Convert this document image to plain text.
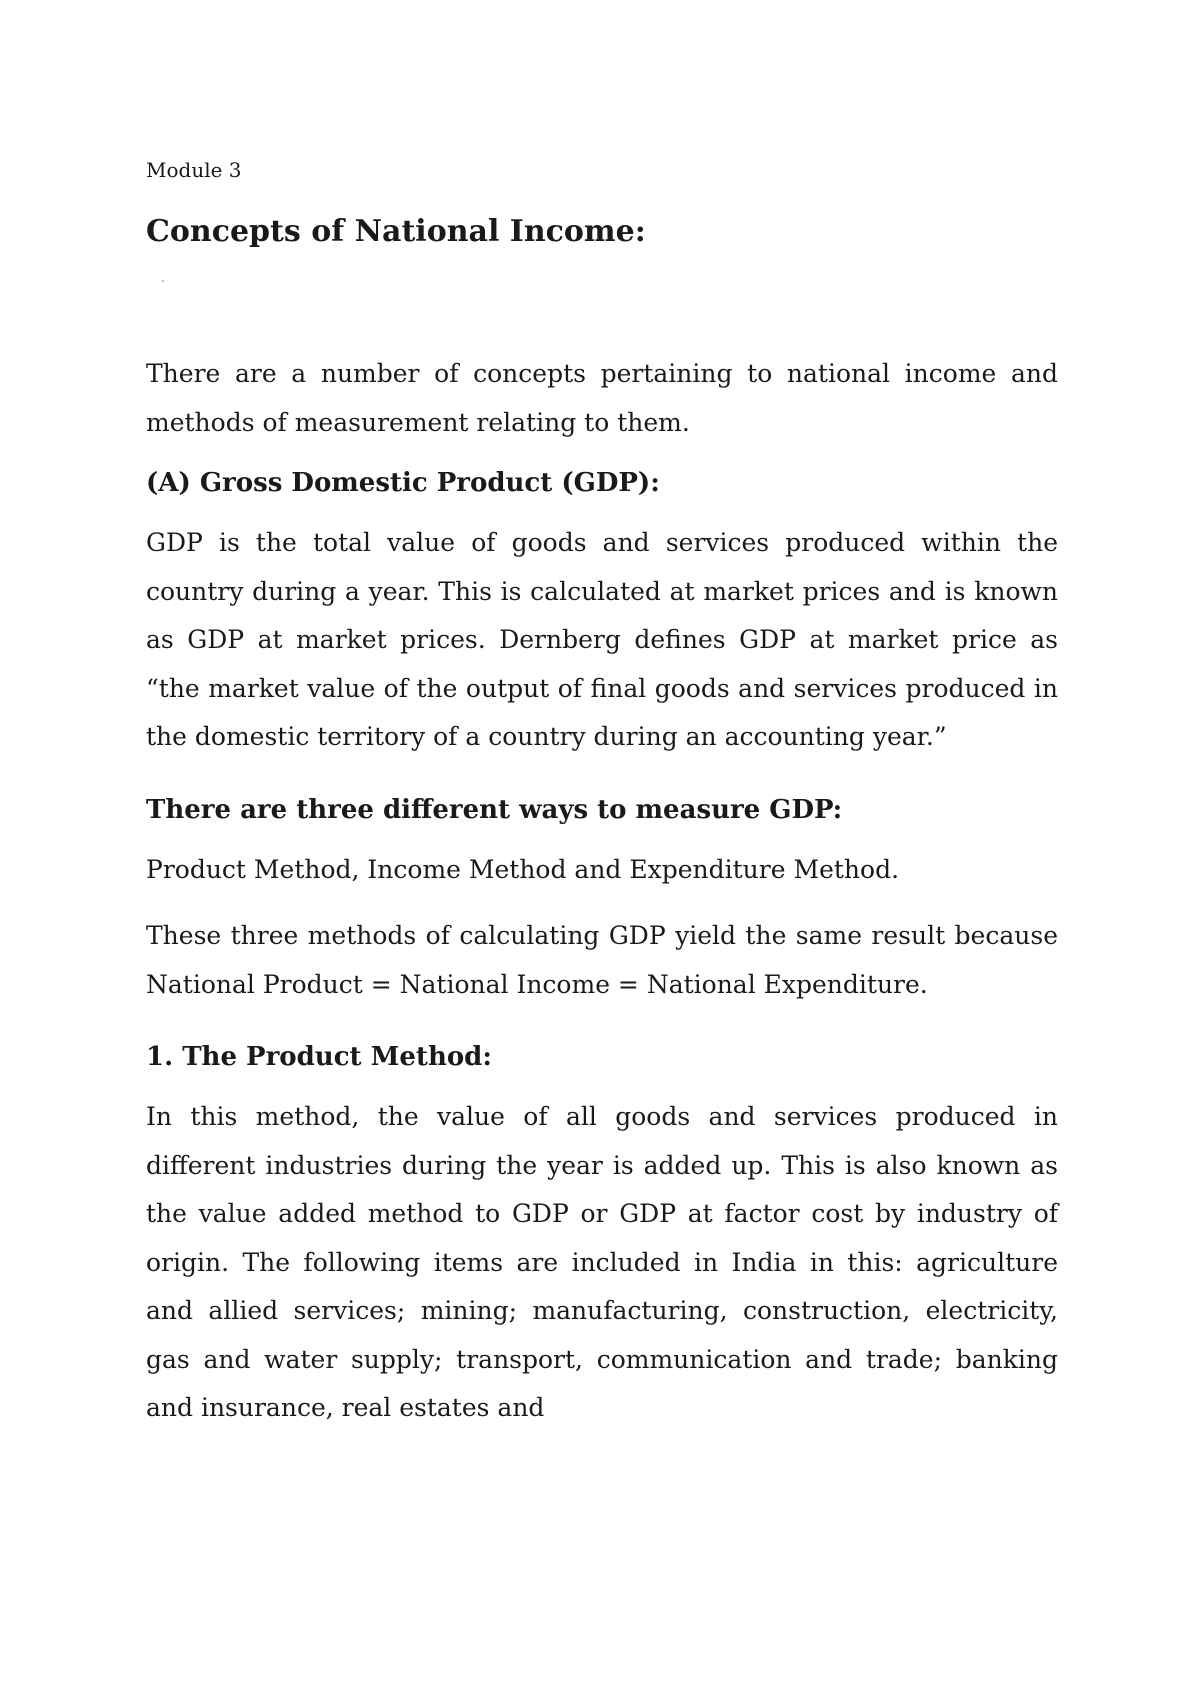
Module 3
Concepts of National Income:

There are a number of concepts pertaining to national income and methods of measurement relating to them.

(A) Gross Domestic Product (GDP):

GDP is the total value of goods and services produced within the country during a year. This is calculated at market prices and is known as GDP at market prices. Dernberg defines GDP at market price as “the market value of the output of final goods and services produced in the domestic territory of a country during an accounting year.”

There are three different ways to measure GDP:

Product Method, Income Method and Expenditure Method.

These three methods of calculating GDP yield the same result because National Product = National Income = National Expenditure.

1. The Product Method:

In this method, the value of all goods and services produced in different industries during the year is added up. This is also known as the value added method to GDP or GDP at factor cost by industry of origin. The following items are included in India in this: agriculture and allied services; mining; manufacturing, construction, electricity, gas and water supply; transport, communication and trade; banking and insurance, real estates and
